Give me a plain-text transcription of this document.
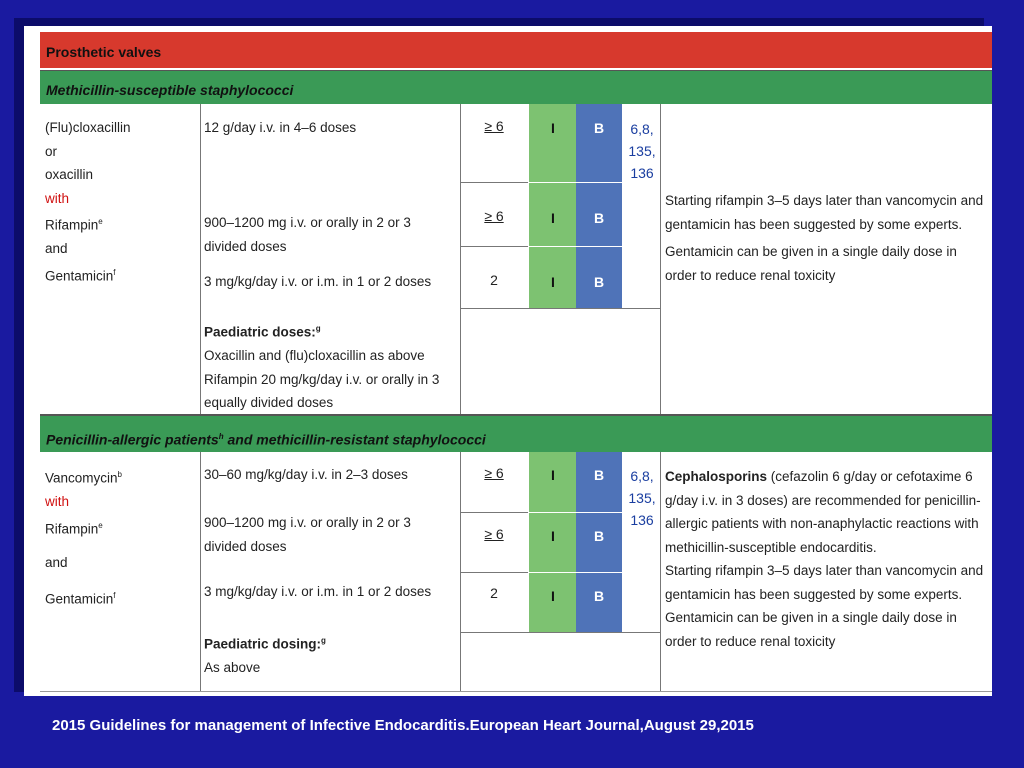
Prosthetic valves
Methicillin-susceptible staphylococci
(Flu)cloxacillin
or
oxacillin
with
Rifampin$^e$
and
Gentamicin$^f$
12 g/day i.v. in 4–6 doses
900–1200 mg i.v. or orally in 2 or 3 divided doses
3 mg/kg/day i.v. or i.m. in 1 or 2 doses
Paediatric doses:$^g$
Oxacillin and (flu)cloxacillin as above
Rifampin 20 mg/kg/day i.v. or orally in 3 equally divided doses
≥ 6
≥ 6
2
I
I
I
B
B
B
6,8,
135,
136
Starting rifampin 3–5 days later than vancomycin and gentamicin has been suggested by some experts.
Gentamicin can be given in a single daily dose in order to reduce renal toxicity
Penicillin-allergic patients$^h$ and methicillin-resistant staphylococci
Vancomycin$^b$
with
Rifampin$^e$
and
Gentamicin$^f$
30–60 mg/kg/day i.v. in 2–3 doses
900–1200 mg i.v. or orally in 2 or 3 divided doses
3 mg/kg/day i.v. or i.m. in 1 or 2 doses
Paediatric dosing:$^g$
As above
≥ 6
≥ 6
2
I
I
I
B
B
B
6,8,
135,
136
Cephalosporins (cefazolin 6 g/day or cefotaxime 6 g/day i.v. in 3 doses) are recommended for penicillin-allergic patients with non-anaphylactic reactions with methicillin-susceptible endocarditis.
Starting rifampin 3–5 days later than vancomycin and gentamicin has been suggested by some experts.
Gentamicin can be given in a single daily dose in order to reduce renal toxicity
2015 Guidelines for management of Infective Endocarditis.European Heart Journal,August 29,2015
